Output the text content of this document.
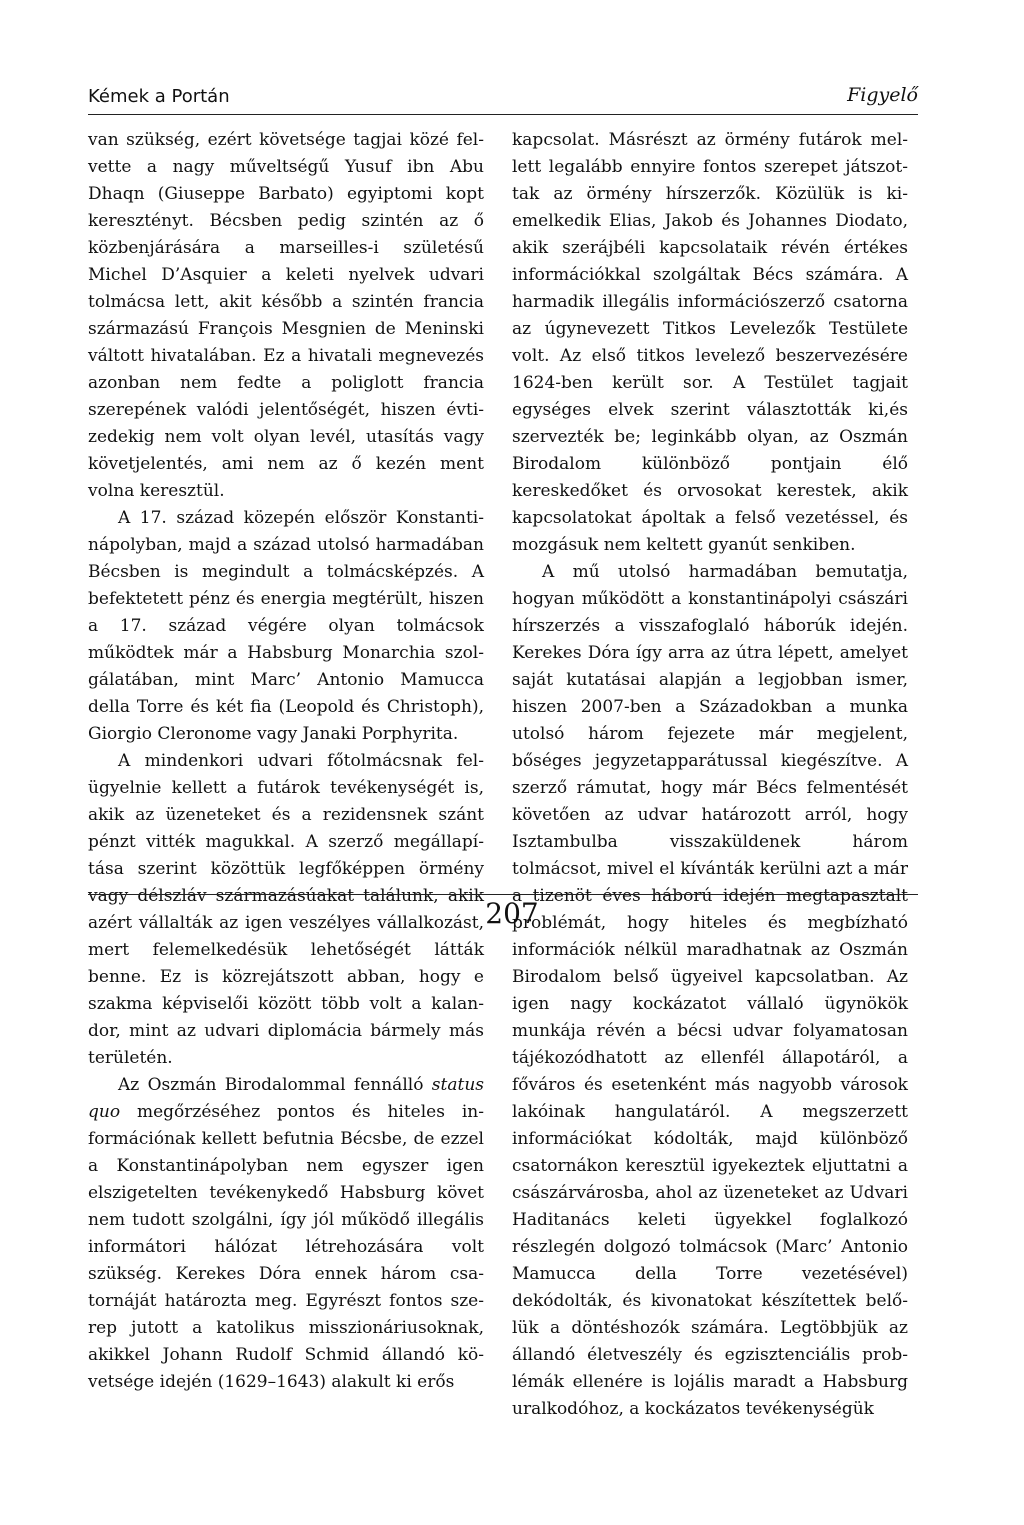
Kémek a Portán	Figyelő

van szükség, ezért követsége tagjai közé felvette a nagy műveltségű Yusuf ibn Abu Dhaqn (Giuseppe Barbato) egyiptomi kopt keresztényt. Bécsben pedig szintén az ő közbenjárására a marseilles-i születésű Michel D’Asquier a keleti nyelvek udvari tolmácsa lett, akit később a szintén francia származású François Mesgnien de Meninski váltott hivatalában. Ez a hivatali megnevezés azonban nem fedte a poliglott francia szerepének valódi jelentőségét, hiszen évtizedekig nem volt olyan levél, utasítás vagy követjelentés, ami nem az ő kezén ment volna keresztül.

A 17. század közepén először Konstantinápolyban, majd a század utolsó harmadában Bécsben is megindult a tolmácsképzés. A befektetett pénz és energia megtérült, hiszen a 17. század végére olyan tolmácsok működtek már a Habsburg Monarchia szolgálatában, mint Marc’ Antonio Mamucca della Torre és két fia (Leopold és Christoph), Giorgio Cleronome vagy Janaki Porphyrita.

A mindenkori udvari főtolmácsnak felügyelnie kellett a futárok tevékenységét is, akik az üzeneteket és a rezidensnek szánt pénzt vitték magukkal. A szerző megállapítása szerint közöttük legfőképpen örmény vagy délszláv származásúakat találunk, akik azért vállalták az igen veszélyes vállalkozást, mert felemelkedésük lehetőségét látták benne. Ez is közrejátszott abban, hogy e szakma képviselői között több volt a kalandor, mint az udvari diplomácia bármely más területén.

Az Oszmán Birodalommal fennálló status quo megőrzéséhez pontos és hiteles információnak kellett befutnia Bécsbe, de ezzel a Konstantinápolyban nem egyszer igen elszigetelten tevékenykedő Habsburg követ nem tudott szolgálni, így jól működő illegális informátori hálózat létrehozására volt szükség. Kerekes Dóra ennek három csatornáját határozta meg. Egyrészt fontos szerep jutott a katolikus misszionáriusoknak, akikkel Johann Rudolf Schmid állandó követsége idején (1629–1643) alakult ki erős

kapcsolat. Másrészt az örmény futárok mellett legalább ennyire fontos szerepet játszottak az örmény hírszerzők. Közülük is kiemelkedik Elias, Jakob és Johannes Diodato, akik szerájbéli kapcsolataik révén értékes információkkal szolgáltak Bécs számára. A harmadik illegális információszerző csatorna az úgynevezett Titkos Levelezők Testülete volt. Az első titkos levelező beszervezésére 1624-ben került sor. A Testület tagjait egységes elvek szerint választották ki,és szervezték be; leginkább olyan, az Oszmán Birodalom különböző pontjain élő kereskedőket és orvosokat kerestek, akik kapcsolatokat ápoltak a felső vezetéssel, és mozgásuk nem keltett gyanút senkiben.

A mű utolsó harmadában bemutatja, hogyan működött a konstantinápolyi császári hírszerzés a visszafoglaló háborúk idején. Kerekes Dóra így arra az útra lépett, amelyet saját kutatásai alapján a legjobban ismer, hiszen 2007-ben a Századokban a munka utolsó három fejezete már megjelent, bőséges jegyzetapparátussal kiegészítve. A szerző rámutat, hogy már Bécs felmentését követően az udvar határozott arról, hogy Isztambulba visszaküldenek három tolmácsot, mivel el kívánták kerülni azt a már a tizenöt éves háború idején megtapasztalt problémát, hogy hiteles és megbízható információk nélkül maradhatnak az Oszmán Birodalom belső ügyeivel kapcsolatban. Az igen nagy kockázatot vállaló ügynökök munkája révén a bécsi udvar folyamatosan tájékozódhatott az ellenfél állapotáról, a főváros és esetenként más nagyobb városok lakóinak hangulatáról. A megszerzett információkat kódolták, majd különböző csatornákon keresztül igyekeztek eljuttatni a császárvárosba, ahol az üzeneteket az Udvari Haditanács keleti ügyekkel foglalkozó részlegén dolgozó tolmácsok (Marc’ Antonio Mamucca della Torre vezetésével) dekódolták, és kivonatokat készítettek belőlük a döntéshozók számára. Legtöbbjük az állandó életveszély és egzisztenciális problémák ellenére is lojális maradt a Habsburg uralkodóhoz, a kockázatos tevékenységük

207
